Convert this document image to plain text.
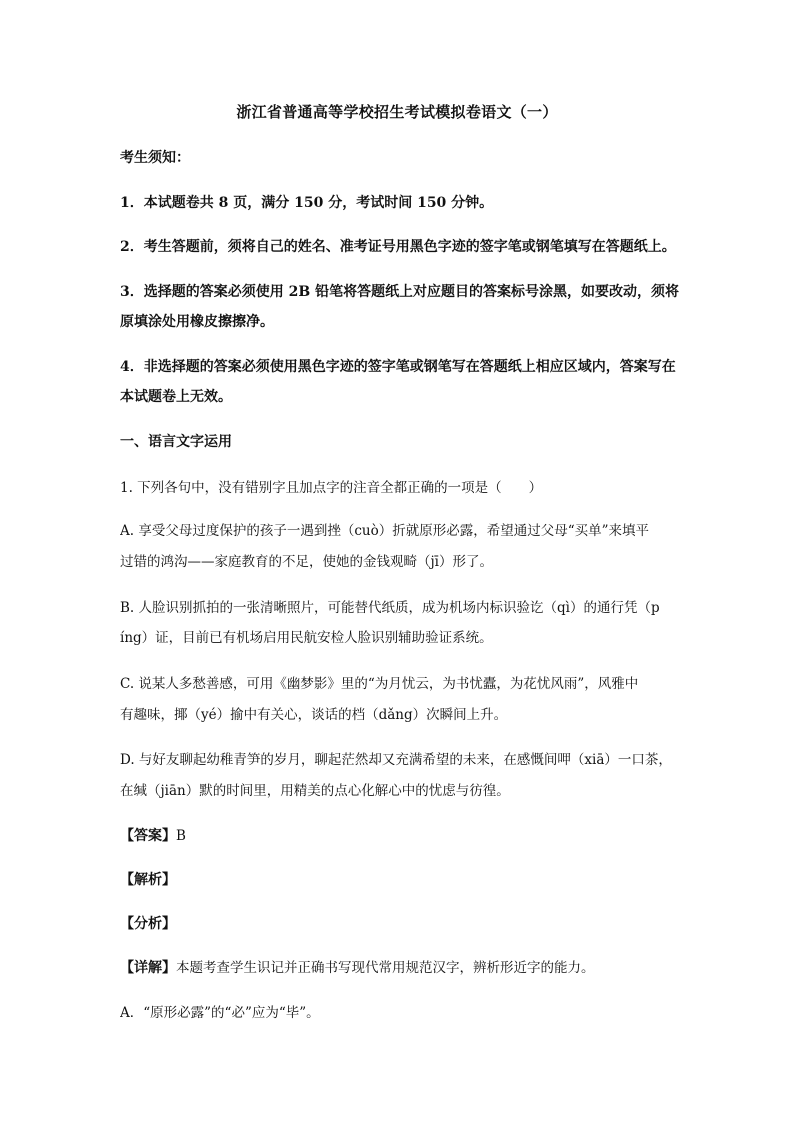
浙江省普通高等学校招生考试模拟卷语文（一）
考生须知：
1．本试题卷共 8 页，满分 150 分，考试时间 150 分钟。
2．考生答题前，须将自己的姓名、准考证号用黑色字迹的签字笔或钢笔填写在答题纸上。
3．选择题的答案必须使用 2B 铅笔将答题纸上对应题目的答案标号涂黑，如要改动，须将
原填涂处用橡皮擦擦净。
4．非选择题的答案必须使用黑色字迹的签字笔或钢笔写在答题纸上相应区域内，答案写在
本试题卷上无效。
一、语言文字运用
1. 下列各句中，没有错别字且加点字的注音全都正确的一项是（　　）
A. 享受父母过度保护的孩子一遇到挫（cuò）折就原形必露，希望通过父母“买单”来填平
过错的鸿沟——家庭教育的不足，使她的金钱观畸（jī）形了。
B. 人脸识别抓拍的一张清晰照片，可能替代纸质，成为机场内标识验讫（qì）的通行凭（p
íng）证，目前已有机场启用民航安检人脸识别辅助验证系统。
C. 说某人多愁善感，可用《幽梦影》里的“为月忧云，为书忧蠹，为花忧风雨”，风雅中
有趣味，揶（yé）揄中有关心，谈话的档（dǎng）次瞬间上升。
D. 与好友聊起幼稚青笋的岁月，聊起茫然却又充满希望的未来，在感慨间呷（xiā）一口茶，
在缄（jiān）默的时间里，用精美的点心化解心中的忧虑与彷徨。
【答案】B
【解析】
【分析】
【详解】本题考查学生识记并正确书写现代常用规范汉字，辨析形近字的能力。
A．“原形必露”的“必”应为“毕”。
